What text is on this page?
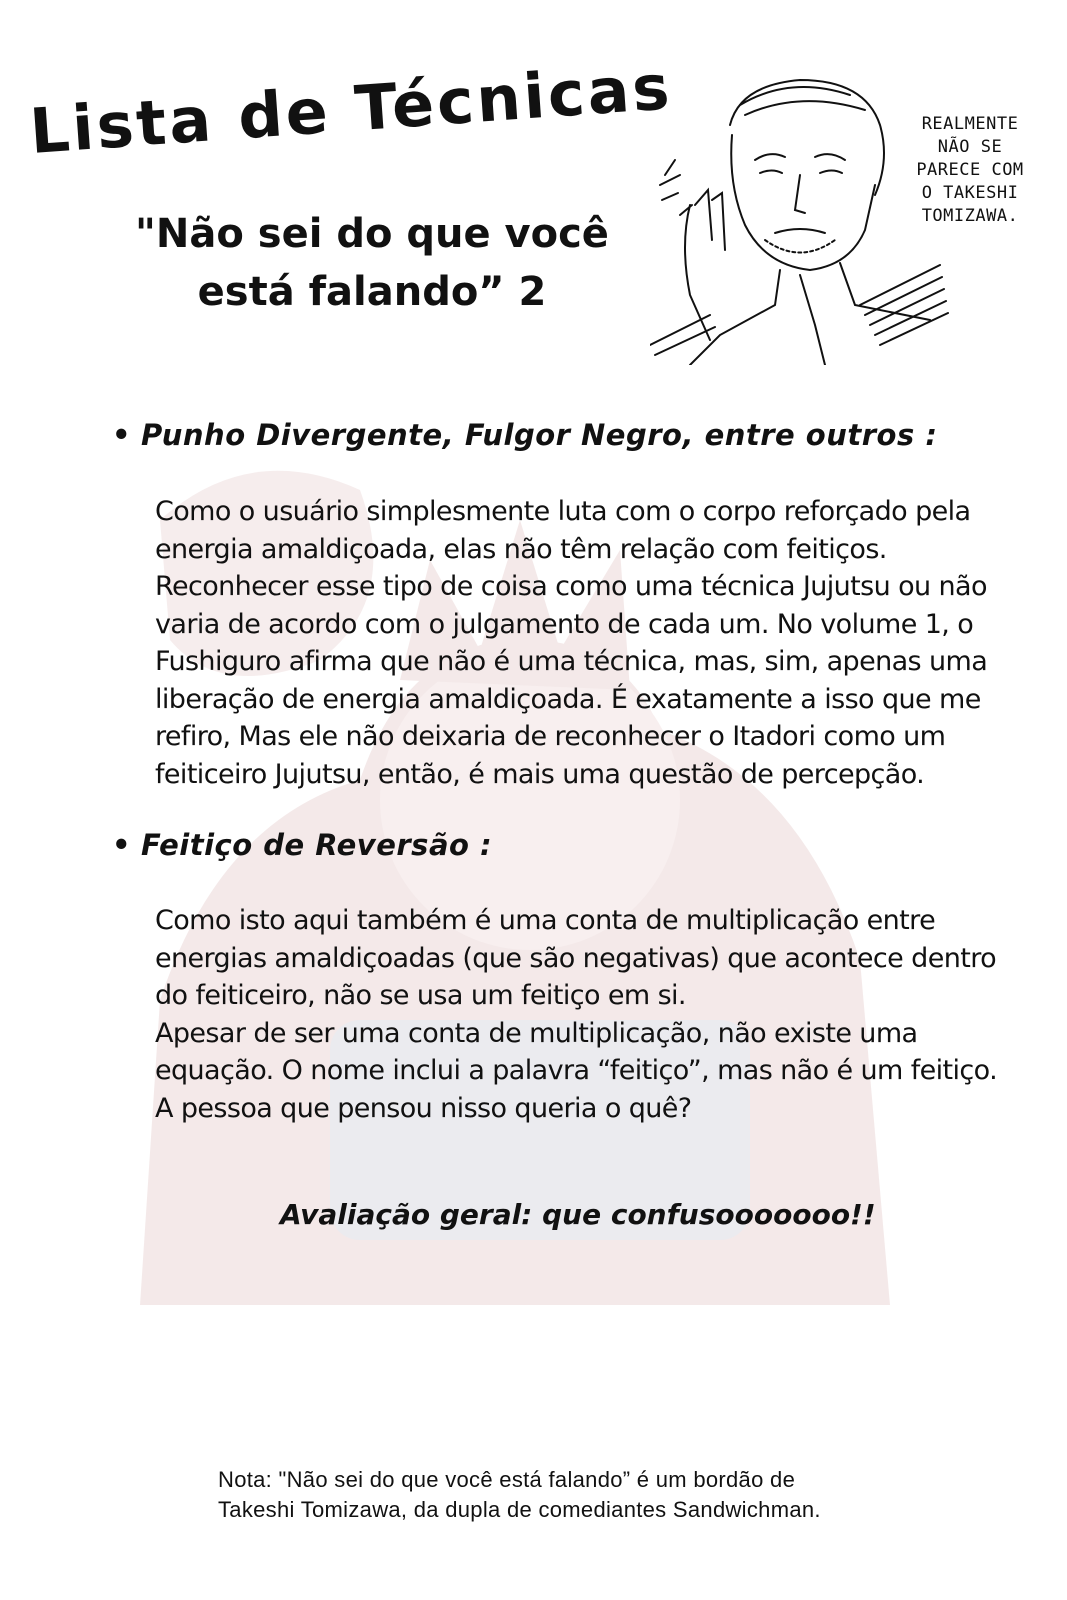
Lista de Técnicas
"Não sei do que você
está falando” 2
REALMENTE
NÃO SE
PARECE COM
O TAKESHI
TOMIZAWA.
• Punho Divergente, Fulgor Negro, entre outros :
Como o usuário simplesmente luta com o corpo reforçado pela
energia amaldiçoada, elas não têm relação com feitiços.
Reconhecer esse tipo de coisa como uma técnica Jujutsu ou não
varia de acordo com o julgamento de cada um. No volume 1, o
Fushiguro afirma que não é uma técnica, mas, sim, apenas uma
liberação de energia amaldiçoada. É exatamente a isso que me
refiro, Mas ele não deixaria de reconhecer o Itadori como um
feiticeiro Jujutsu, então, é mais uma questão de percepção.
• Feitiço de Reversão :
Como isto aqui também é uma conta de multiplicação entre
energias amaldiçoadas (que são negativas) que acontece dentro
do feiticeiro, não se usa um feitiço em si.
Apesar de ser uma conta de multiplicação, não existe uma
equação. O nome inclui a palavra “feitiço”, mas não é um feitiço.
A pessoa que pensou nisso queria o quê?
Avaliação geral: que confusooooooo!!
Nota: "Não sei do que você está falando” é um bordão de
Takeshi Tomizawa, da dupla de comediantes Sandwichman.
